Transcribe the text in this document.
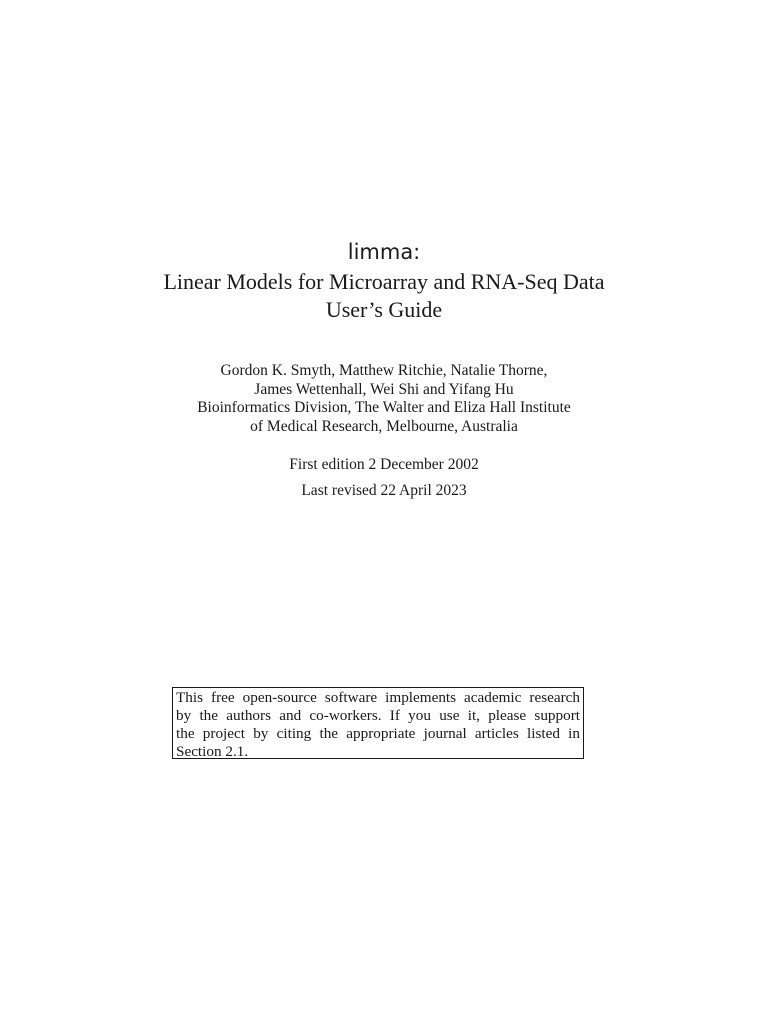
limma:
Linear Models for Microarray and RNA-Seq Data
User’s Guide
Gordon K. Smyth, Matthew Ritchie, Natalie Thorne,
James Wettenhall, Wei Shi and Yifang Hu
Bioinformatics Division, The Walter and Eliza Hall Institute
of Medical Research, Melbourne, Australia
First edition 2 December 2002
Last revised 22 April 2023
This free open-source software implements academic research
by the authors and co-workers. If you use it, please support
the project by citing the appropriate journal articles listed in
Section 2.1.
